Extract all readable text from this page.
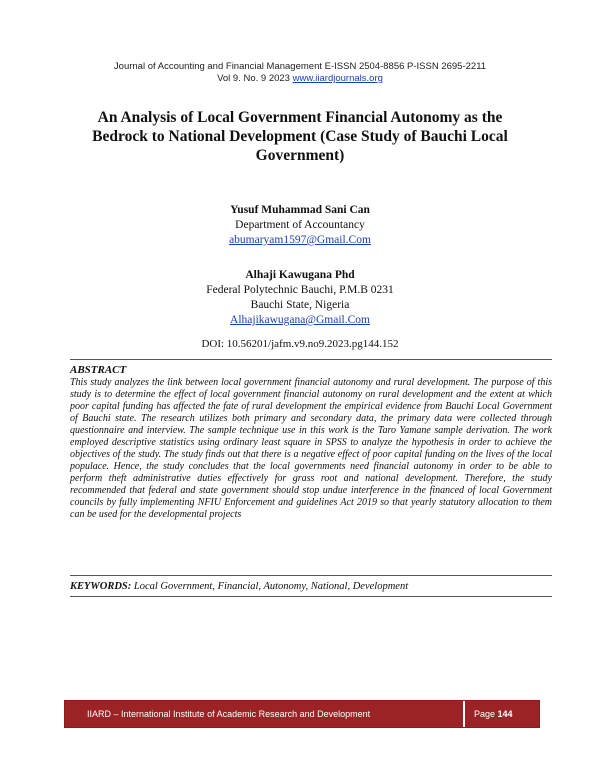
Journal of Accounting and Financial Management E-ISSN 2504-8856 P-ISSN 2695-2211
Vol 9. No. 9 2023 www.iiardjournals.org
An Analysis of Local Government Financial Autonomy as the Bedrock to National Development (Case Study of Bauchi Local Government)
Yusuf Muhammad Sani Can
Department of Accountancy
abumaryam1597@Gmail.Com
Alhaji Kawugana Phd
Federal Polytechnic Bauchi, P.M.B 0231
Bauchi State, Nigeria
Alhajikawugana@Gmail.Com
DOI: 10.56201/jafm.v9.no9.2023.pg144.152
ABSTRACT
This study analyzes the link between local government financial autonomy and rural development. The purpose of this study is to determine the effect of local government financial autonomy on rural development and the extent at which poor capital funding has affected the fate of rural development the empirical evidence from Bauchi Local Government of Bauchi state. The research utilizes both primary and secondary data, the primary data were collected through questionnaire and interview. The sample technique use in this work is the Taro Yamane sample derivation. The work employed descriptive statistics using ordinary least square in SPSS to analyze the hypothesis in order to achieve the objectives of the study. The study finds out that there is a negative effect of poor capital funding on the lives of the local populace. Hence, the study concludes that the local governments need financial autonomy in order to be able to perform theft administrative duties effectively for grass root and national development. Therefore, the study recommended that federal and state government should stop undue interference in the financed of local Government councils by fully implementing NFIU Enforcement and guidelines Act 2019 so that yearly statutory allocation to them can be used for the developmental projects
KEYWORDS: Local Government, Financial, Autonomy, National, Development
IIARD – International Institute of Academic Research and Development	Page 144
